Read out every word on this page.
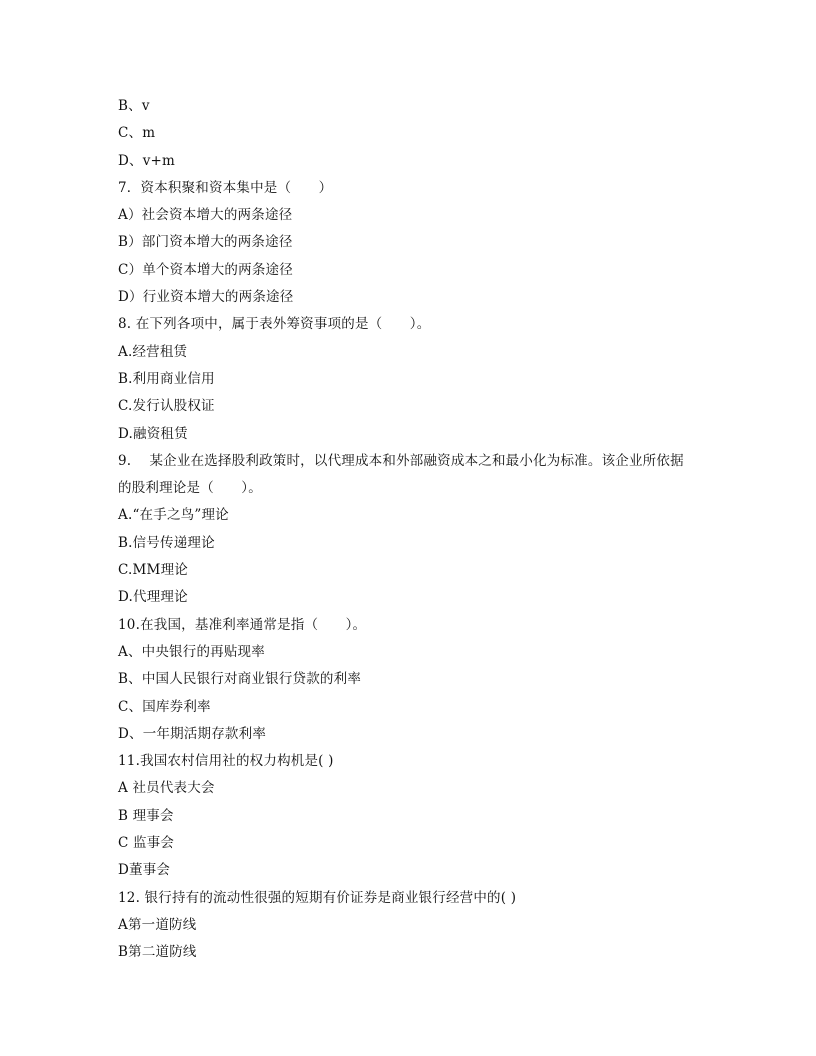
B、v
C、m
D、v+m
7．资本积聚和资本集中是（　　）
A）社会资本增大的两条途径
B）部门资本增大的两条途径
C）单个资本增大的两条途径
D）行业资本增大的两条途径
8. 在下列各项中，属于表外筹资事项的是（　　）。
A.经营租赁
B.利用商业信用
C.发行认股权证
D.融资租赁
9.　 某企业在选择股利政策时，以代理成本和外部融资成本之和最小化为标准。该企业所依据
的股利理论是（　　）。
A.“在手之鸟”理论
B.信号传递理论
C.MM理论
D.代理理论
10.在我国，基准利率通常是指（　　）。
A、中央银行的再贴现率
B、中国人民银行对商业银行贷款的利率
C、国库券利率
D、一年期活期存款利率
11.我国农村信用社的权力构机是( )
A 社员代表大会
B 理事会
C 监事会
D董事会
12. 银行持有的流动性很强的短期有价证券是商业银行经营中的( )
A第一道防线
B第二道防线
